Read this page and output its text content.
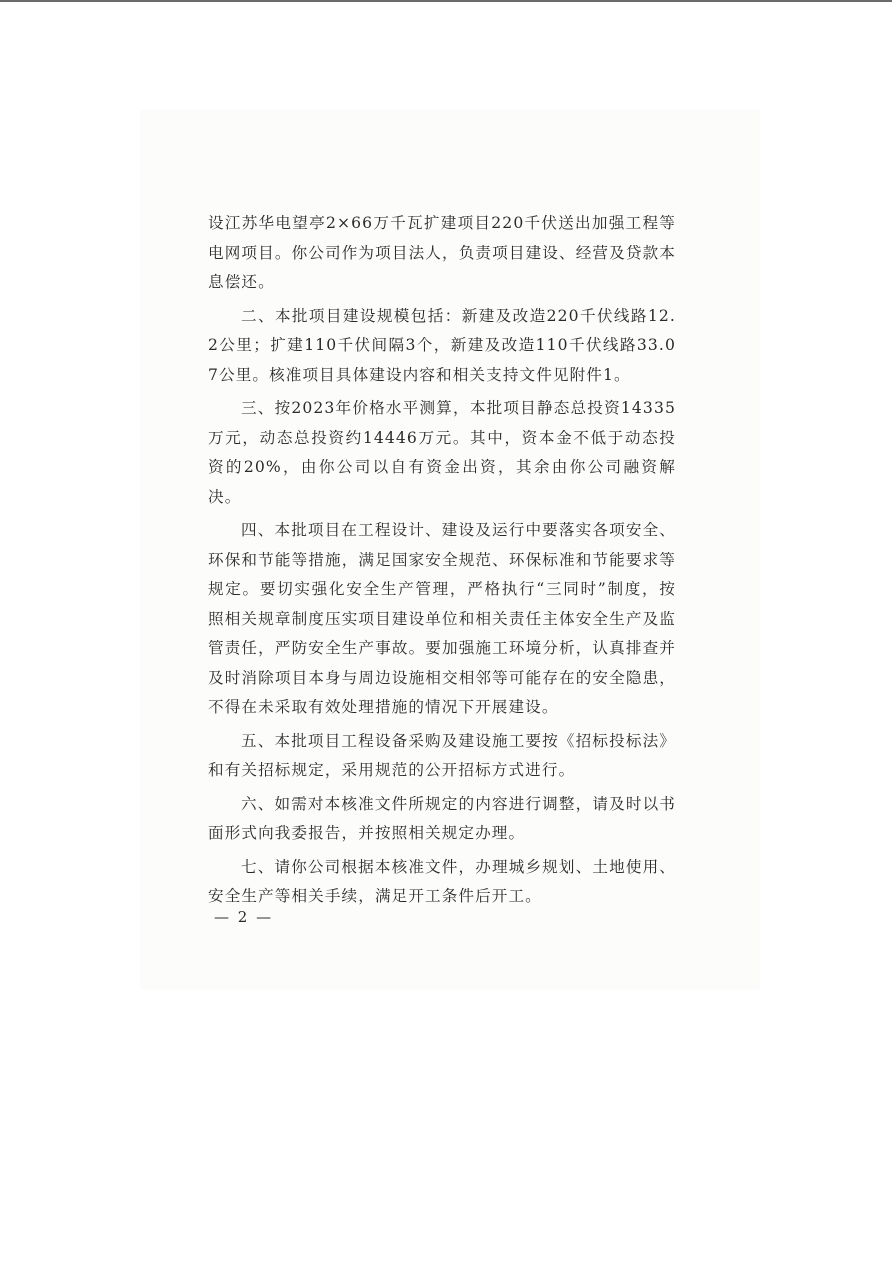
设江苏华电望亭2×66万千瓦扩建项目220千伏送出加强工程等电网项目。你公司作为项目法人，负责项目建设、经营及贷款本息偿还。

二、本批项目建设规模包括：新建及改造220千伏线路12.2公里；扩建110千伏间隔3个，新建及改造110千伏线路33.07公里。核准项目具体建设内容和相关支持文件见附件1。

三、按2023年价格水平测算，本批项目静态总投资14335万元，动态总投资约14446万元。其中，资本金不低于动态投资的20%，由你公司以自有资金出资，其余由你公司融资解决。

四、本批项目在工程设计、建设及运行中要落实各项安全、环保和节能等措施，满足国家安全规范、环保标准和节能要求等规定。要切实强化安全生产管理，严格执行“三同时”制度，按照相关规章制度压实项目建设单位和相关责任主体安全生产及监管责任，严防安全生产事故。要加强施工环境分析，认真排查并及时消除项目本身与周边设施相交相邻等可能存在的安全隐患，不得在未采取有效处理措施的情况下开展建设。

五、本批项目工程设备采购及建设施工要按《招标投标法》和有关招标规定，采用规范的公开招标方式进行。

六、如需对本核准文件所规定的内容进行调整，请及时以书面形式向我委报告，并按照相关规定办理。

七、请你公司根据本核准文件，办理城乡规划、土地使用、安全生产等相关手续，满足开工条件后开工。

— 2 —
